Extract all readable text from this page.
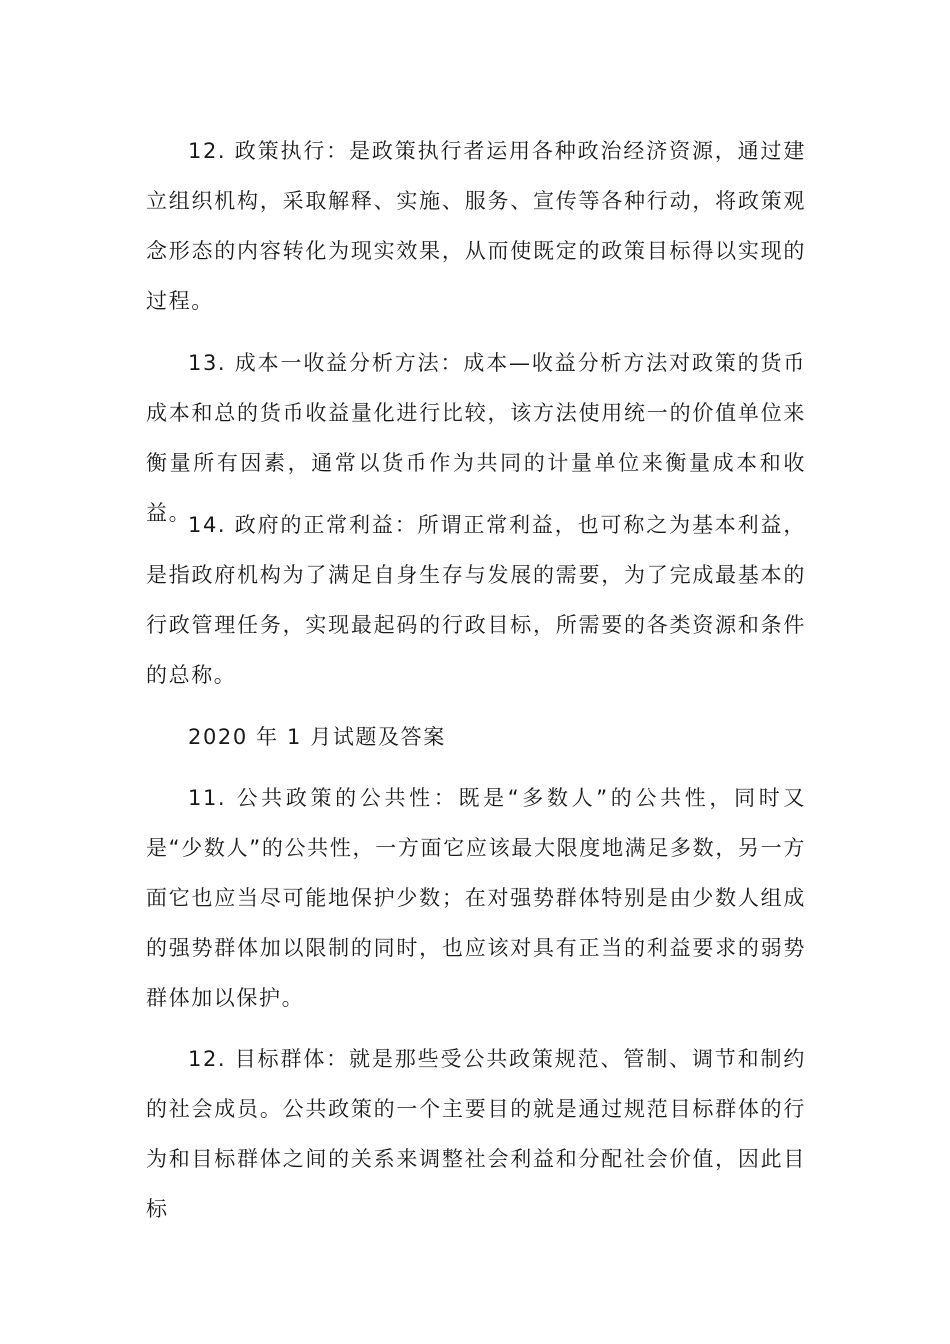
12. 政策执行：是政策执行者运用各种政治经济资源，通过建立组织机构，采取解释、实施、服务、宣传等各种行动，将政策观念形态的内容转化为现实效果，从而使既定的政策目标得以实现的过程。

13. 成本一收益分析方法：成本—收益分析方法对政策的货币成本和总的货币收益量化进行比较，该方法使用统一的价值单位来衡量所有因素，通常以货币作为共同的计量单位来衡量成本和收益。

14. 政府的正常利益：所谓正常利益，也可称之为基本利益，是指政府机构为了满足自身生存与发展的需要，为了完成最基本的行政管理任务，实现最起码的行政目标，所需要的各类资源和条件的总称。

2020 年 1 月试题及答案

11. 公共政策的公共性：既是“多数人”的公共性，同时又是“少数人”的公共性，一方面它应该最大限度地满足多数，另一方面它也应当尽可能地保护少数；在对强势群体特别是由少数人组成的强势群体加以限制的同时，也应该对具有正当的利益要求的弱势群体加以保护。

12. 目标群体：就是那些受公共政策规范、管制、调节和制约的社会成员。公共政策的一个主要目的就是通过规范目标群体的行为和目标群体之间的关系来调整社会利益和分配社会价值，因此目标
